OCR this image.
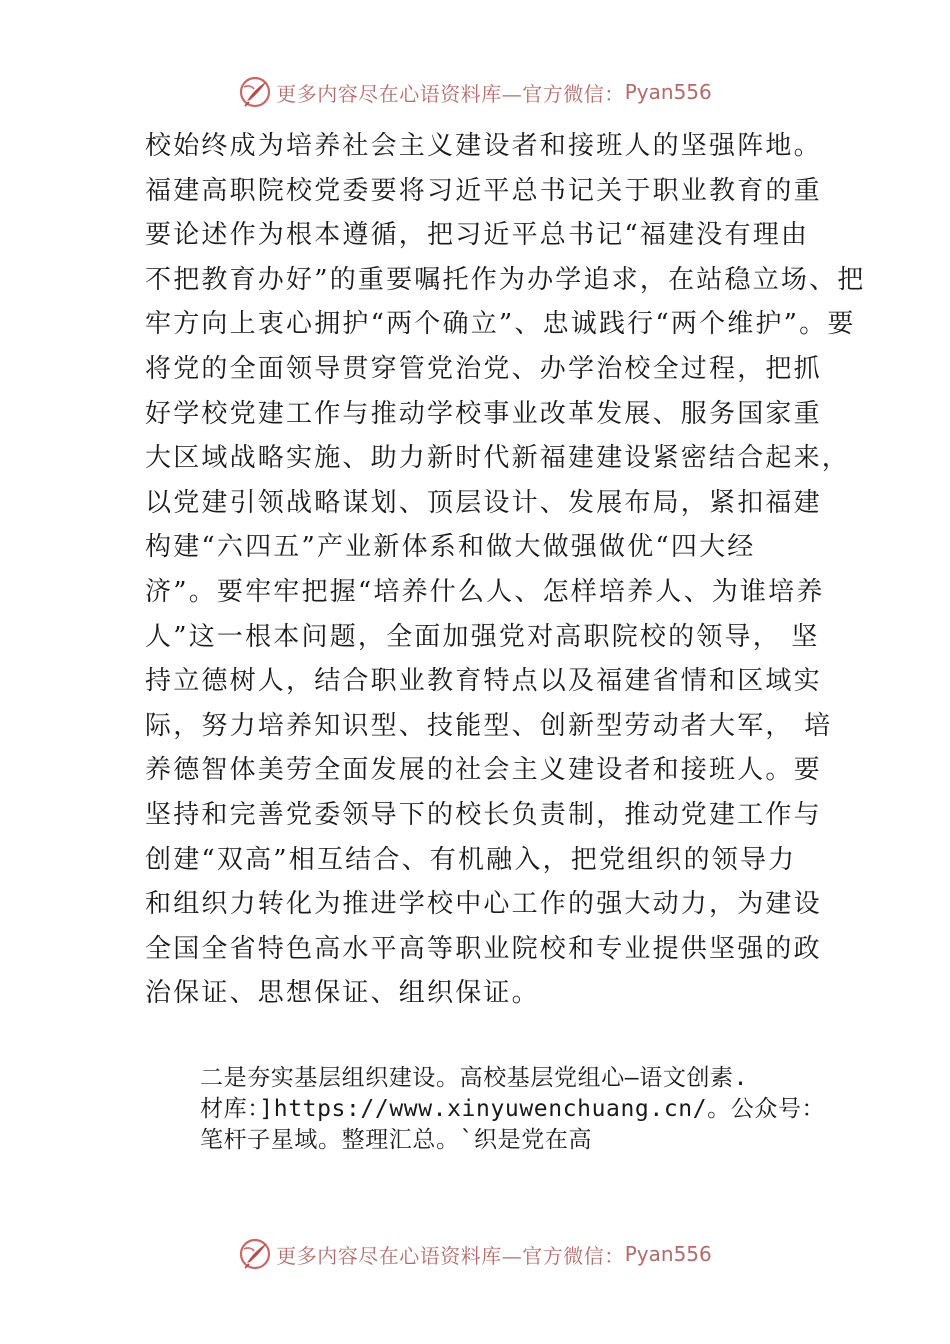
更多内容尽在心语资料库—官方微信： Pyan556
校始终成为培养社会主义建设者和接班人的坚强阵地。
福建高职院校党委要将习近平总书记关于职业教育的重
要论述作为根本遵循，把习近平总书记“福建没有理由
不把教育办好”的重要嘱托作为办学追求，在站稳立场、把
牢方向上衷心拥护“两个确立”、忠诚践行“两个维护”。要
将党的全面领导贯穿管党治党、办学治校全过程，把抓
好学校党建工作与推动学校事业改革发展、服务国家重
大区域战略实施、助力新时代新福建建设紧密结合起来，
以党建引领战略谋划、顶层设计、发展布局，紧扣福建
构建“六四五”产业新体系和做大做强做优“四大经
济”。要牢牢把握“培养什么人、怎样培养人、为谁培养
人”这一根本问题，全面加强党对高职院校的领导， 坚
持立德树人，结合职业教育特点以及福建省情和区域实
际，努力培养知识型、技能型、创新型劳动者大军， 培
养德智体美劳全面发展的社会主义建设者和接班人。要
坚持和完善党委领导下的校长负责制，推动党建工作与
创建“双高”相互结合、有机融入，把党组织的领导力
和组织力转化为推进学校中心工作的强大动力，为建设
全国全省特色高水平高等职业院校和专业提供坚强的政
治保证、思想保证、组织保证。
二是夯实基层组织建设。高校基层党组心—语文创素.
材库：]https://www.xinyuwenchuang.cn/。公众号：
笔杆子星域。整理汇总。`织是党在高
更多内容尽在心语资料库—官方微信： Pyan556
